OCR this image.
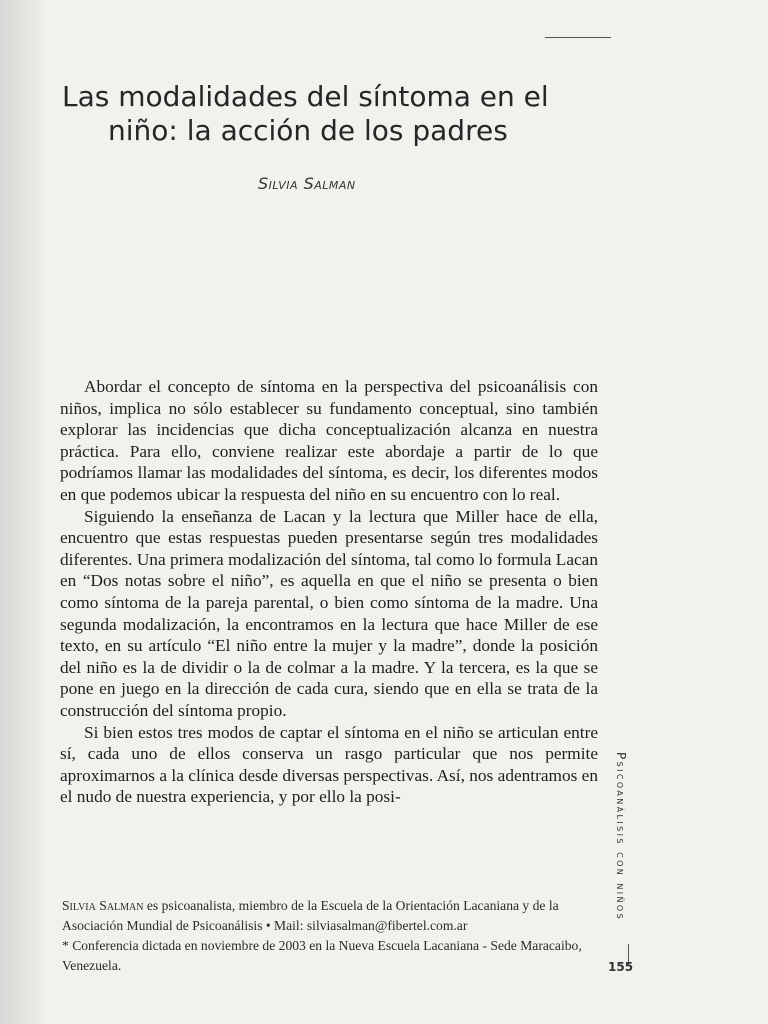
Las modalidades del síntoma en el
niño: la acción de los padres
Silvia Salman

Abordar el concepto de síntoma en la perspectiva del psicoanálisis con niños, implica no sólo establecer su fundamento conceptual, sino también explorar las incidencias que dicha conceptualización alcanza en nuestra práctica. Para ello, conviene realizar este abordaje a partir de lo que podríamos llamar las modalidades del síntoma, es decir, los diferentes modos en que podemos ubicar la respuesta del niño en su encuentro con lo real.

Siguiendo la enseñanza de Lacan y la lectura que Miller hace de ella, encuentro que estas respuestas pueden presentarse según tres modalidades diferentes. Una primera modalización del síntoma, tal como lo formula Lacan en “Dos notas sobre el niño”, es aquella en que el niño se presenta o bien como síntoma de la pareja parental, o bien como síntoma de la madre. Una segunda modalización, la encontramos en la lectura que hace Miller de ese texto, en su artículo “El niño entre la mujer y la madre”, donde la posición del niño es la de dividir o la de colmar a la madre. Y la tercera, es la que se pone en juego en la dirección de cada cura, siendo que en ella se trata de la construcción del síntoma propio.

Si bien estos tres modos de captar el síntoma en el niño se articulan entre sí, cada uno de ellos conserva un rasgo particular que nos permite aproximarnos a la clínica desde diversas perspectivas. Así, nos adentramos en el nudo de nuestra experiencia, y por ello la posi-

Silvia Salman es psicoanalista, miembro de la Escuela de la Orientación Lacaniana y de la Asociación Mundial de Psicoanálisis • Mail: silviasalman@fibertel.com.ar

* Conferencia dictada en noviembre de 2003 en la Nueva Escuela Lacaniana - Sede Maracaibo, Venezuela.

Psicoanálisis con niños
155
